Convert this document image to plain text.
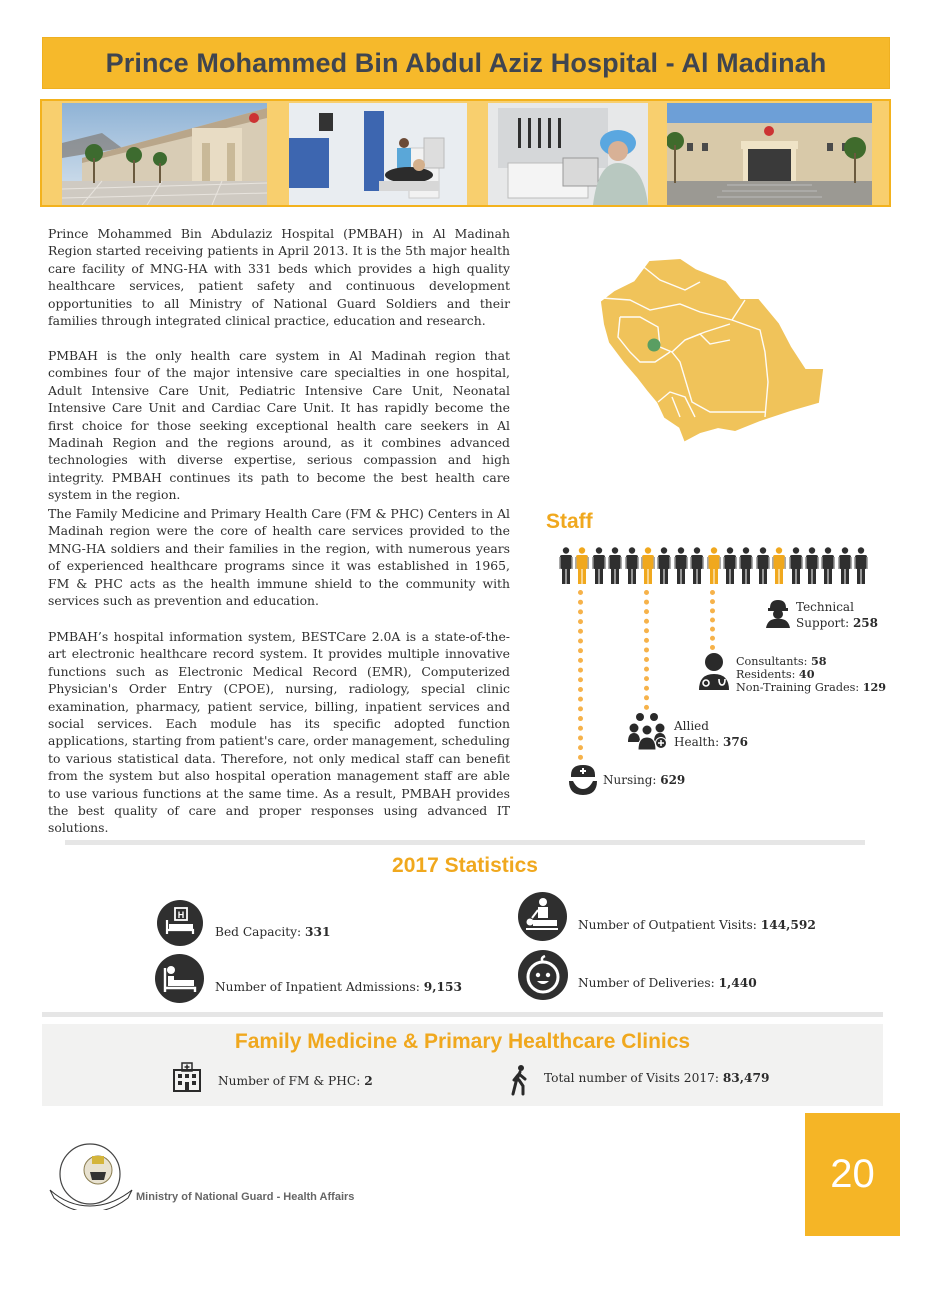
Prince Mohammed Bin Abdul Aziz Hospital - Al Madinah
Prince Mohammed Bin Abdulaziz Hospital (PMBAH) in Al Madinah Region started receiving patients in April 2013. It is the 5th major health care facility of MNG-HA with 331 beds which provides a high quality healthcare services, patient safety and continuous development opportunities to all Ministry of National Guard Soldiers and their families through integrated clinical practice, education and research.
PMBAH is the only health care system in Al Madinah region that combines four of the major intensive care specialties in one hospital, Adult Intensive Care Unit, Pediatric Intensive Care Unit, Neonatal Intensive Care Unit and Cardiac Care Unit. It has rapidly become the first choice for those seeking exceptional health care seekers in Al Madinah Region and the regions around, as it combines advanced technologies with diverse expertise, serious compassion and high integrity. PMBAH continues its path to become the best health care system in the region.
The Family Medicine and Primary Health Care (FM & PHC) Centers in Al Madinah region were the core of health care services provided to the MNG-HA soldiers and their families in the region, with numerous years of experienced healthcare programs since it was established in 1965, FM & PHC acts as the health immune shield to the community with services such as prevention and education.
PMBAH’s hospital information system, BESTCare 2.0A is a state-of-the-art electronic healthcare record system. It provides multiple innovative functions such as Electronic Medical Record (EMR), Computerized Physician's Order Entry (CPOE), nursing, radiology, special clinic examination, pharmacy, patient service, billing, inpatient services and social services. Each module has its specific adopted function applications, starting from patient's care, order management, scheduling to various statistical data. Therefore, not only medical staff can benefit from the system but also hospital operation management staff are able to use various functions at the same time. As a result, PMBAH provides the best quality of care and proper responses using advanced IT solutions.
Staff
Technical
Support: 258
Consultants: 58
Residents: 40
Non-Training Grades: 129
Allied
Health: 376
Nursing: 629
2017 Statistics
H
Bed Capacity: 331
Number of Inpatient Admissions: 9,153
Number of Outpatient Visits: 144,592
Number of Deliveries: 1,440
Family Medicine & Primary Healthcare Clinics
Number of FM & PHC: 2	Total number of Visits 2017: 83,479
Ministry of National Guard - Health Affairs
20
